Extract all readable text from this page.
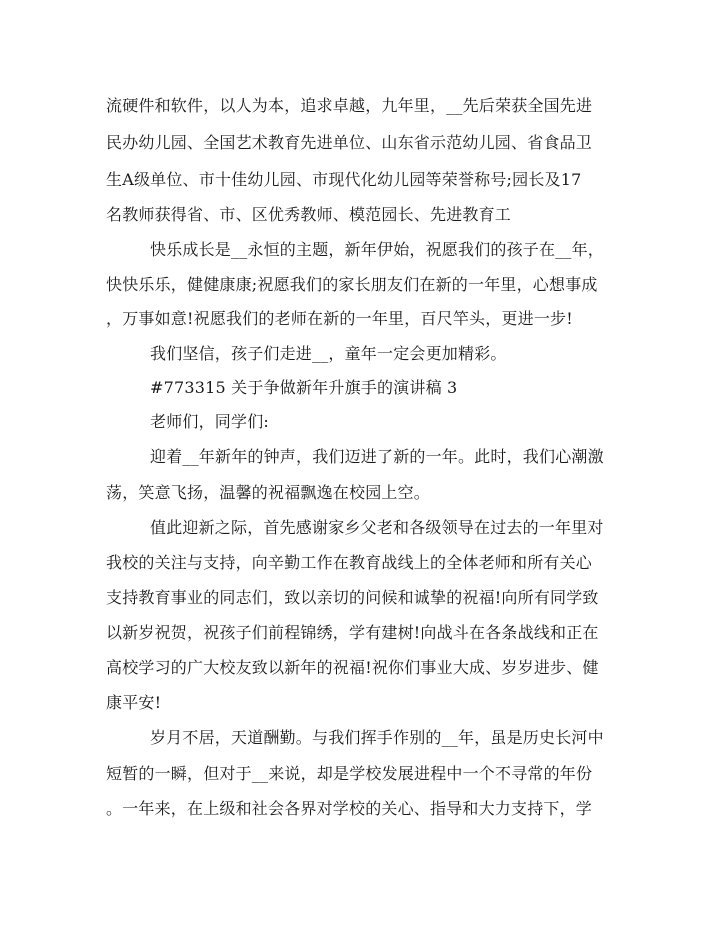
流硬件和软件，以人为本，追求卓越，九年里，__先后荣获全国先进
民办幼儿园、全国艺术教育先进单位、山东省示范幼儿园、省食品卫
生A级单位、市十佳幼儿园、市现代化幼儿园等荣誉称号;园长及17
名教师获得省、市、区优秀教师、模范园长、先进教育工
快乐成长是__永恒的主题，新年伊始，祝愿我们的孩子在__年，
快快乐乐，健健康康;祝愿我们的家长朋友们在新的一年里，心想事成
，万事如意!祝愿我们的老师在新的一年里，百尺竿头，更进一步!
我们坚信，孩子们走进__，童年一定会更加精彩。
#773315 关于争做新年升旗手的演讲稿 3
老师们，同学们:
迎着__年新年的钟声，我们迈进了新的一年。此时，我们心潮激
荡，笑意飞扬，温馨的祝福飘逸在校园上空。
值此迎新之际，首先感谢家乡父老和各级领导在过去的一年里对
我校的关注与支持，向辛勤工作在教育战线上的全体老师和所有关心
支持教育事业的同志们，致以亲切的问候和诚挚的祝福!向所有同学致
以新岁祝贺，祝孩子们前程锦绣，学有建树!向战斗在各条战线和正在
高校学习的广大校友致以新年的祝福!祝你们事业大成、岁岁进步、健
康平安!
岁月不居，天道酬勤。与我们挥手作别的__年，虽是历史长河中
短暂的一瞬，但对于__来说，却是学校发展进程中一个不寻常的年份
。一年来，在上级和社会各界对学校的关心、指导和大力支持下，学
